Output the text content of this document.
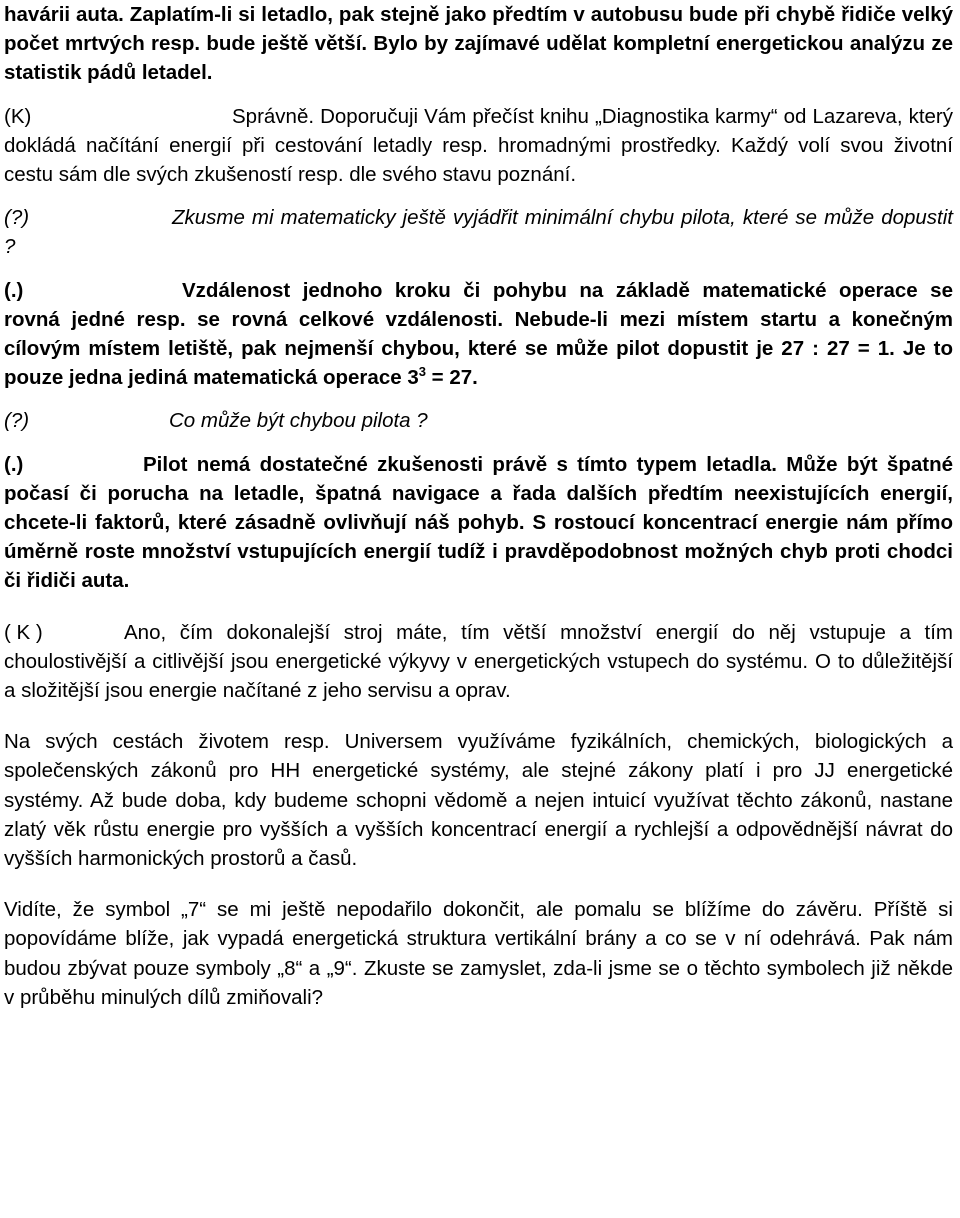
havárii auta. Zaplatím-li si letadlo, pak stejně jako předtím v autobusu bude při chybě řidiče velký počet mrtvých resp. bude ještě větší. Bylo by zajímavé udělat kompletní energetickou analýzu ze statistik pádů letadel.

(K)	Správně. Doporučuji Vám přečíst knihu „Diagnostika karmy“ od Lazareva, který dokládá načítání energií při cestování letadly resp. hromadnými prostředky. Každý volí svou životní cestu sám dle svých zkušeností resp. dle svého stavu poznání.

(?)	Zkusme mi matematicky ještě vyjádřit minimální chybu pilota, které se může dopustit ?

(.)	Vzdálenost jednoho kroku či pohybu na základě matematické operace se rovná jedné resp. se rovná celkové vzdálenosti. Nebude-li mezi místem startu a konečným cílovým místem letiště, pak nejmenší chybou, které se může pilot dopustit je 27 : 27 = 1. Je to pouze jedna jediná matematická operace $3^3 = 27$.

(?)	Co může být chybou pilota ?

(.)	Pilot nemá dostatečné zkušenosti právě s tímto typem letadla. Může být špatné počasí či porucha na letadle, špatná navigace a řada dalších předtím neexistujících energií, chcete-li faktorů, které zásadně ovlivňují náš pohyb. S rostoucí koncentrací energie nám přímo úměrně roste množství vstupujících energií tudíž i pravděpodobnost možných chyb proti chodci či řidiči auta.

( K )	Ano, čím dokonalejší stroj máte, tím větší množství energií do něj vstupuje a tím choulostivější a citlivější jsou energetické výkyvy v energetických vstupech do systému. O to důležitější a složitější jsou energie načítané z jeho servisu a oprav.

Na svých cestách životem resp. Universem využíváme fyzikálních, chemických, biologických a společenských zákonů pro HH energetické systémy, ale stejné zákony platí i pro JJ energetické systémy. Až bude doba, kdy budeme schopni vědomě a nejen intuicí využívat těchto zákonů, nastane zlatý věk růstu energie pro vyšších a vyšších koncentrací energií a rychlejší a odpovědnější návrat do vyšších harmonických prostorů a časů.

Vidíte, že symbol „7“ se mi ještě nepodařilo dokončit, ale pomalu se blížíme do závěru. Příště si popovídáme blíže, jak vypadá energetická struktura vertikální brány a co se v ní odehrává. Pak nám budou zbývat pouze symboly „8“ a „9“. Zkuste se zamyslet, zda-li jsme se o těchto symbolech již někde v průběhu minulých dílů zmiňovali?
